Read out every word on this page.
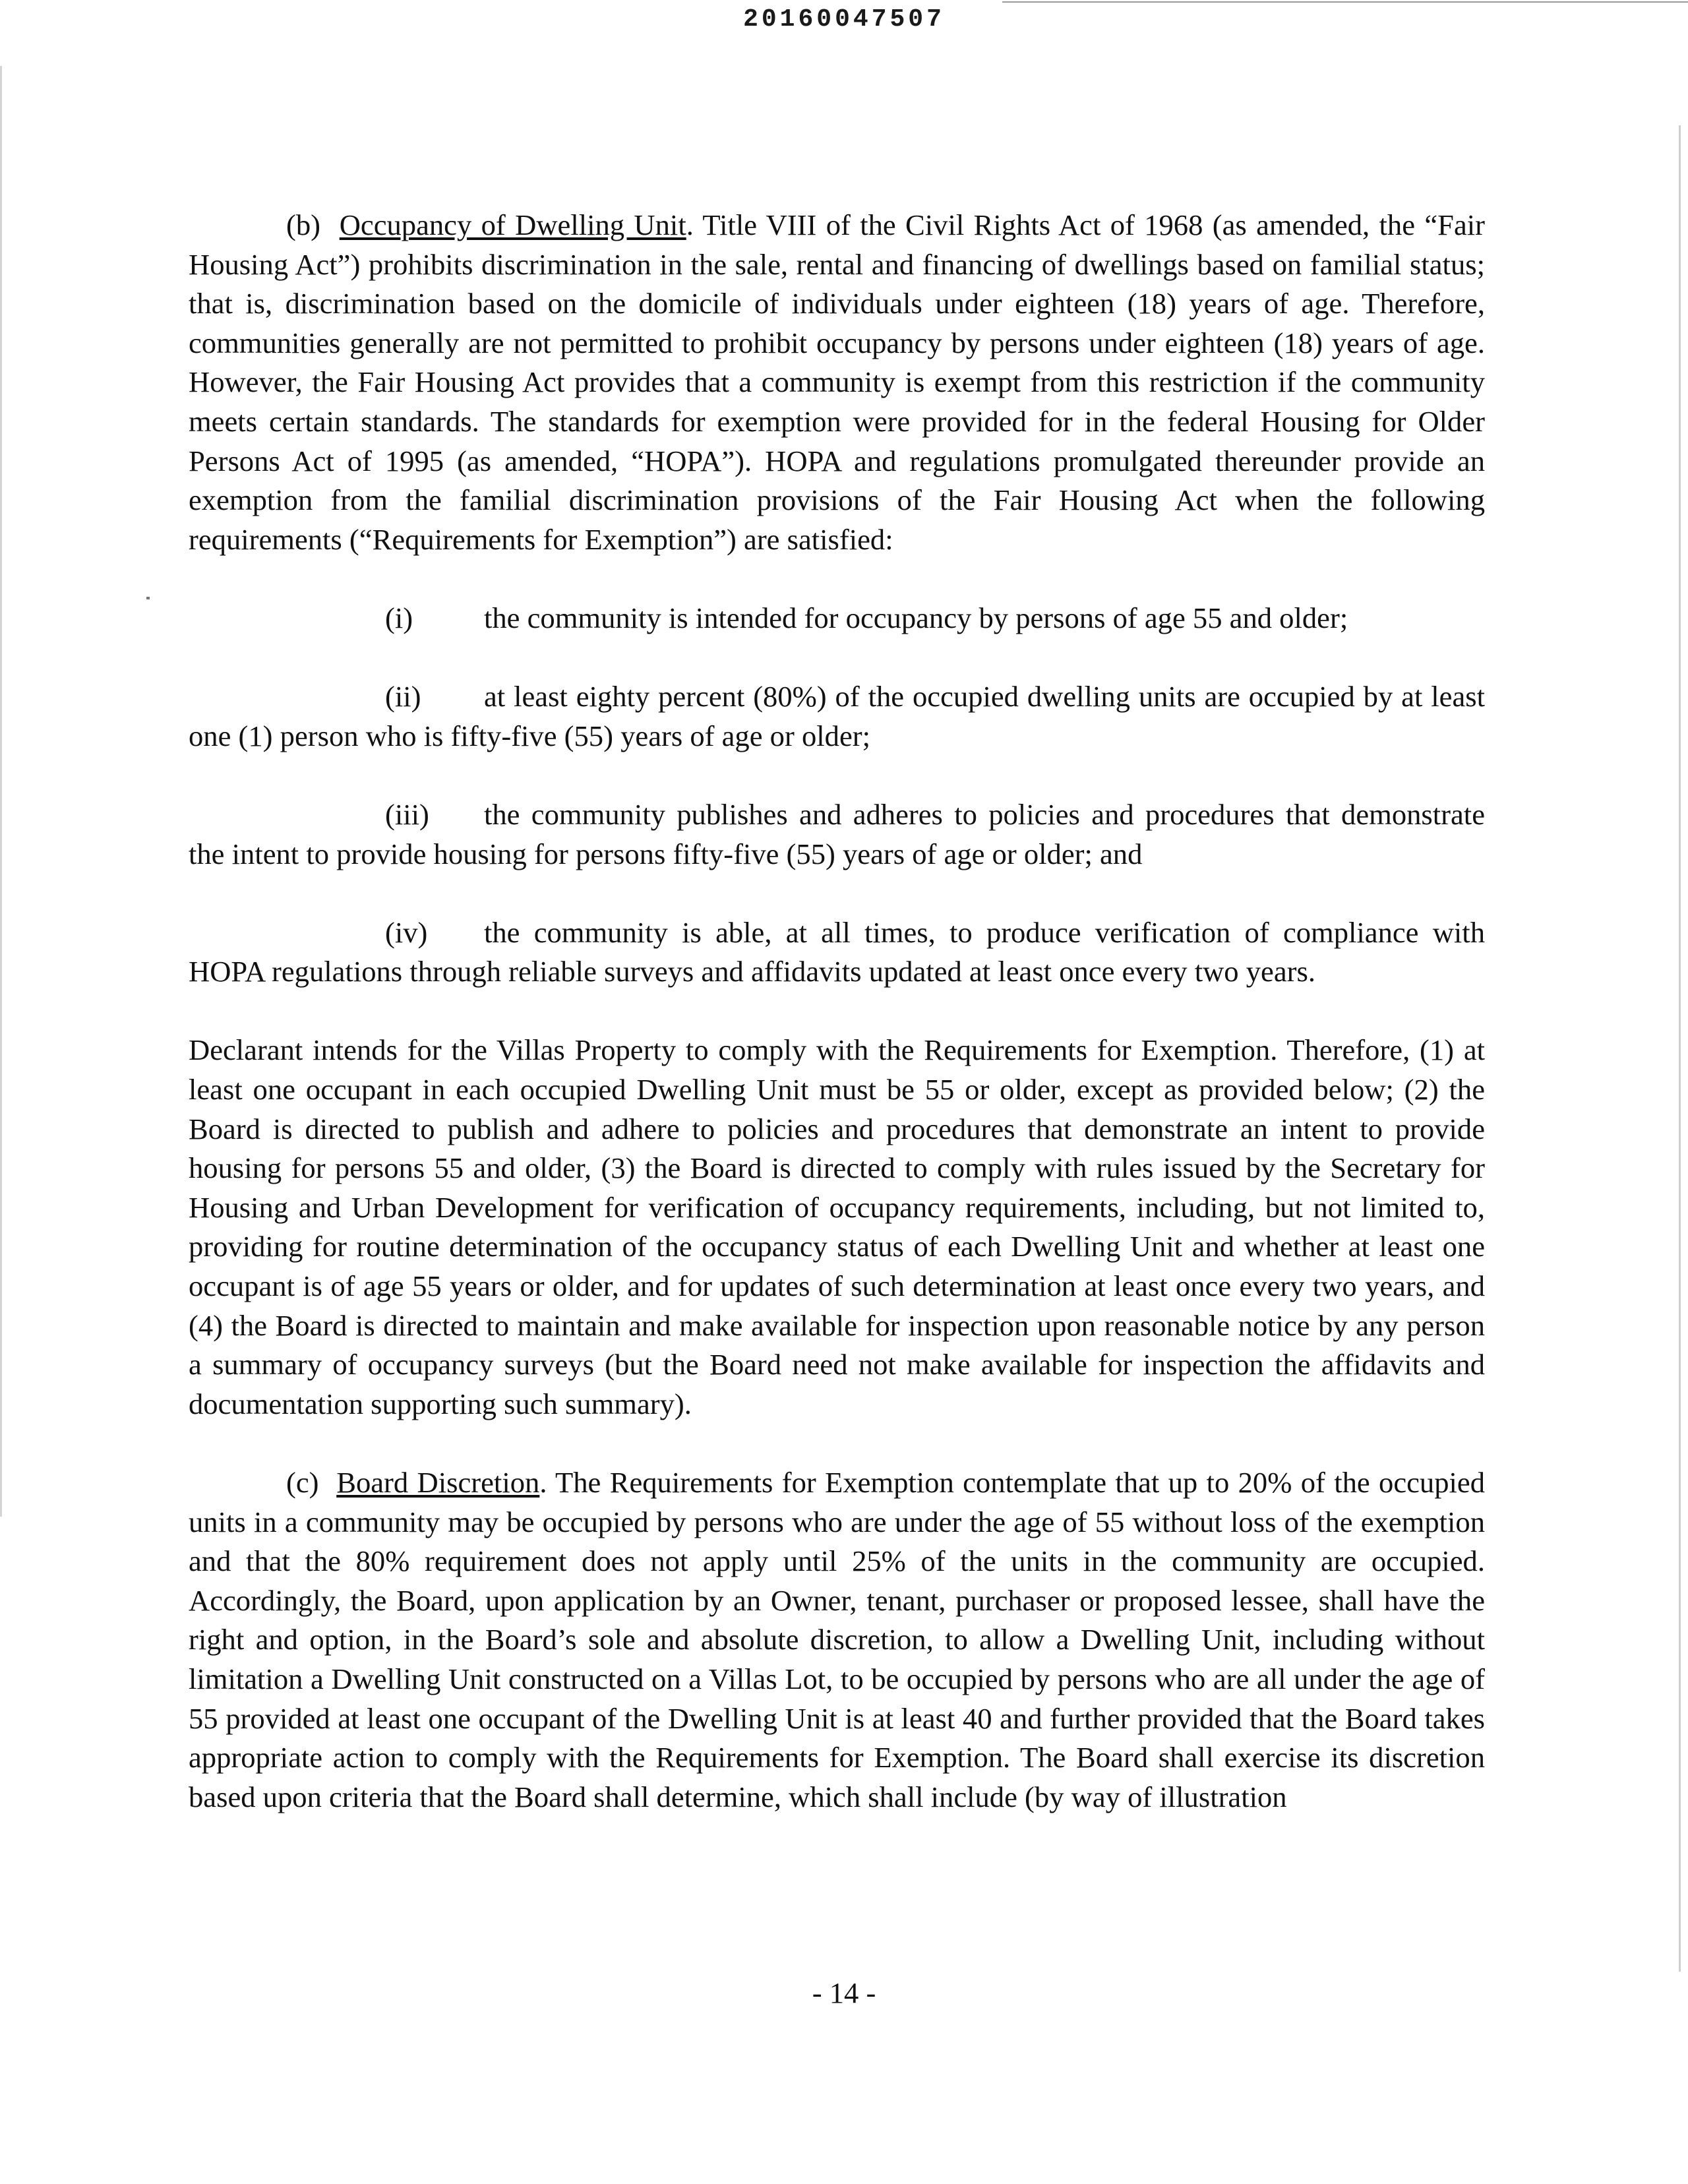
20160047507

(b) Occupancy of Dwelling Unit. Title VIII of the Civil Rights Act of 1968 (as amended, the “Fair Housing Act”) prohibits discrimination in the sale, rental and financing of dwellings based on familial status; that is, discrimination based on the domicile of individuals under eighteen (18) years of age. Therefore, communities generally are not permitted to prohibit occupancy by persons under eighteen (18) years of age. However, the Fair Housing Act provides that a community is exempt from this restriction if the community meets certain standards. The standards for exemption were provided for in the federal Housing for Older Persons Act of 1995 (as amended, “HOPA”). HOPA and regulations promulgated thereunder provide an exemption from the familial discrimination provisions of the Fair Housing Act when the following requirements (“Requirements for Exemption”) are satisfied:

(i) the community is intended for occupancy by persons of age 55 and older;

(ii) at least eighty percent (80%) of the occupied dwelling units are occupied by at least one (1) person who is fifty-five (55) years of age or older;

(iii) the community publishes and adheres to policies and procedures that demonstrate the intent to provide housing for persons fifty-five (55) years of age or older; and

(iv) the community is able, at all times, to produce verification of compliance with HOPA regulations through reliable surveys and affidavits updated at least once every two years.

Declarant intends for the Villas Property to comply with the Requirements for Exemption. Therefore, (1) at least one occupant in each occupied Dwelling Unit must be 55 or older, except as provided below; (2) the Board is directed to publish and adhere to policies and procedures that demonstrate an intent to provide housing for persons 55 and older, (3) the Board is directed to comply with rules issued by the Secretary for Housing and Urban Development for verification of occupancy requirements, including, but not limited to, providing for routine determination of the occupancy status of each Dwelling Unit and whether at least one occupant is of age 55 years or older, and for updates of such determination at least once every two years, and (4) the Board is directed to maintain and make available for inspection upon reasonable notice by any person a summary of occupancy surveys (but the Board need not make available for inspection the affidavits and documentation supporting such summary).

(c) Board Discretion. The Requirements for Exemption contemplate that up to 20% of the occupied units in a community may be occupied by persons who are under the age of 55 without loss of the exemption and that the 80% requirement does not apply until 25% of the units in the community are occupied. Accordingly, the Board, upon application by an Owner, tenant, purchaser or proposed lessee, shall have the right and option, in the Board’s sole and absolute discretion, to allow a Dwelling Unit, including without limitation a Dwelling Unit constructed on a Villas Lot, to be occupied by persons who are all under the age of 55 provided at least one occupant of the Dwelling Unit is at least 40 and further provided that the Board takes appropriate action to comply with the Requirements for Exemption. The Board shall exercise its discretion based upon criteria that the Board shall determine, which shall include (by way of illustration

- 14 -
